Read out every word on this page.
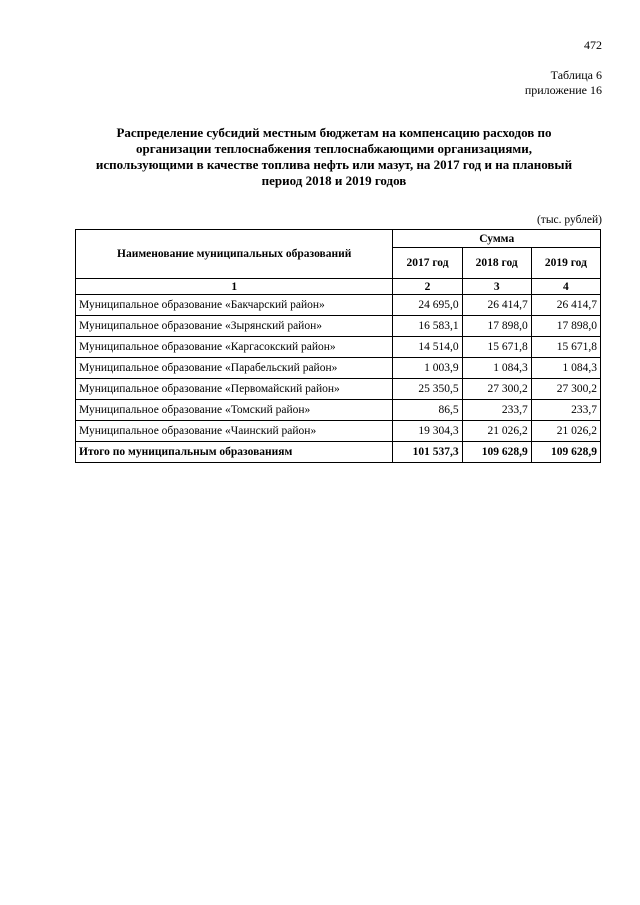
472
Таблица 6
приложение 16

Распределение субсидий местным бюджетам на компенсацию расходов по организации теплоснабжения теплоснабжающими организациями, использующими в качестве топлива нефть или мазут, на 2017 год и на плановый период 2018 и 2019 годов

(тыс. рублей)
Наименование муниципальных образований	Сумма		
	2017 год	2018 год	2019 год
1	2	3	4
Муниципальное образование «Бакчарский район»	24 695,0	26 414,7	26 414,7
Муниципальное образование «Зырянский район»	16 583,1	17 898,0	17 898,0
Муниципальное образование «Каргасокский район»	14 514,0	15 671,8	15 671,8
Муниципальное образование «Парабельский район»	1 003,9	1 084,3	1 084,3
Муниципальное образование «Первомайский район»	25 350,5	27 300,2	27 300,2
Муниципальное образование «Томский район»	86,5	233,7	233,7
Муниципальное образование «Чаинский район»	19 304,3	21 026,2	21 026,2
Итого по муниципальным образованиям	101 537,3	109 628,9	109 628,9
